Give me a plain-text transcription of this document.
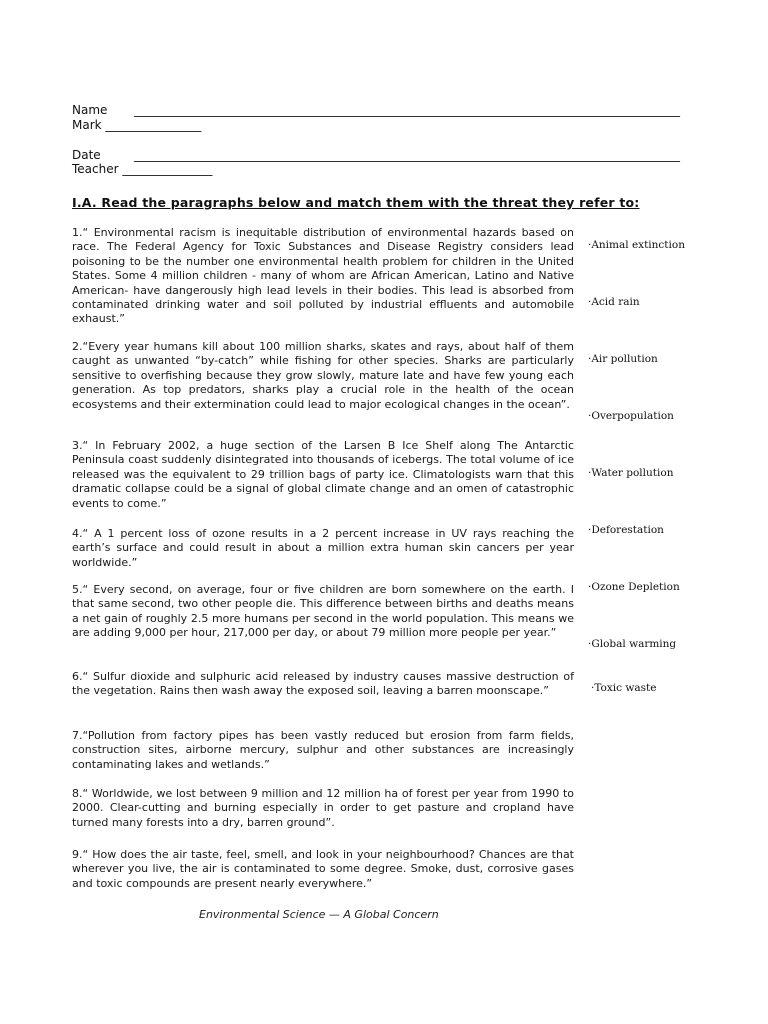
Name ___________________________________________________________________________________________
Mark ________________
Date	___________________________________________________________________________________________
Teacher _______________
I.A. Read the paragraphs below and match them with the threat they refer to:
1.“ Environmental racism is inequitable distribution of environmental hazards based on race. The Federal Agency for Toxic Substances and Disease Registry considers lead poisoning to be the number one environmental health problem for children in the United States. Some 4 million children - many of whom are African American, Latino and Native American- have dangerously high lead levels in their bodies. This lead is absorbed from contaminated drinking water and soil polluted by industrial effluents and automobile exhaust.”
2.“Every year humans kill about 100 million sharks, skates and rays, about half of them caught as unwanted “by-catch” while fishing for other species. Sharks are particularly sensitive to overfishing because they grow slowly, mature late and have few young each generation. As top predators, sharks play a crucial role in the health of the ocean ecosystems and their extermination could lead to major ecological changes in the ocean”.
3.“ In February 2002, a huge section of the Larsen B Ice Shelf along The Antarctic Peninsula coast suddenly disintegrated into thousands of icebergs. The total volume of ice released was the equivalent to 29 trillion bags of party ice. Climatologists warn that this dramatic collapse could be a signal of global climate change and an omen of catastrophic events to come.”
4.“ A 1 percent loss of ozone results in a 2 percent increase in UV rays reaching the earth’s surface and could result in about a million extra human skin cancers per year worldwide.”
5.“ Every second, on average, four or five children are born somewhere on the earth. I that same second, two other people die. This difference between births and deaths means a net gain of roughly 2.5 more humans per second in the world population. This means we are adding 9,000 per hour, 217,000 per day, or about 79 million more people per year.”
6.“ Sulfur dioxide and sulphuric acid released by industry causes massive destruction of the vegetation. Rains then wash away the exposed soil, leaving a barren moonscape.”
7.“Pollution from factory pipes has been vastly reduced but erosion from farm fields, construction sites, airborne mercury, sulphur and other substances are increasingly contaminating lakes and wetlands.”
8.“ Worldwide, we lost between 9 million and 12 million ha of forest per year from 1990 to 2000. Clear-cutting and burning especially in order to get pasture and cropland have turned many forests into a dry, barren ground”.
9.“ How does the air taste, feel, smell, and look in your neighbourhood? Chances are that wherever you live, the air is contaminated to some degree. Smoke, dust, corrosive gases and toxic compounds are present nearly everywhere.”
·Animal extinction
·Acid rain
·Air pollution
·Overpopulation
·Water pollution
·Deforestation
·Ozone Depletion
·Global warming
·Toxic waste
Environmental Science — A Global Concern
